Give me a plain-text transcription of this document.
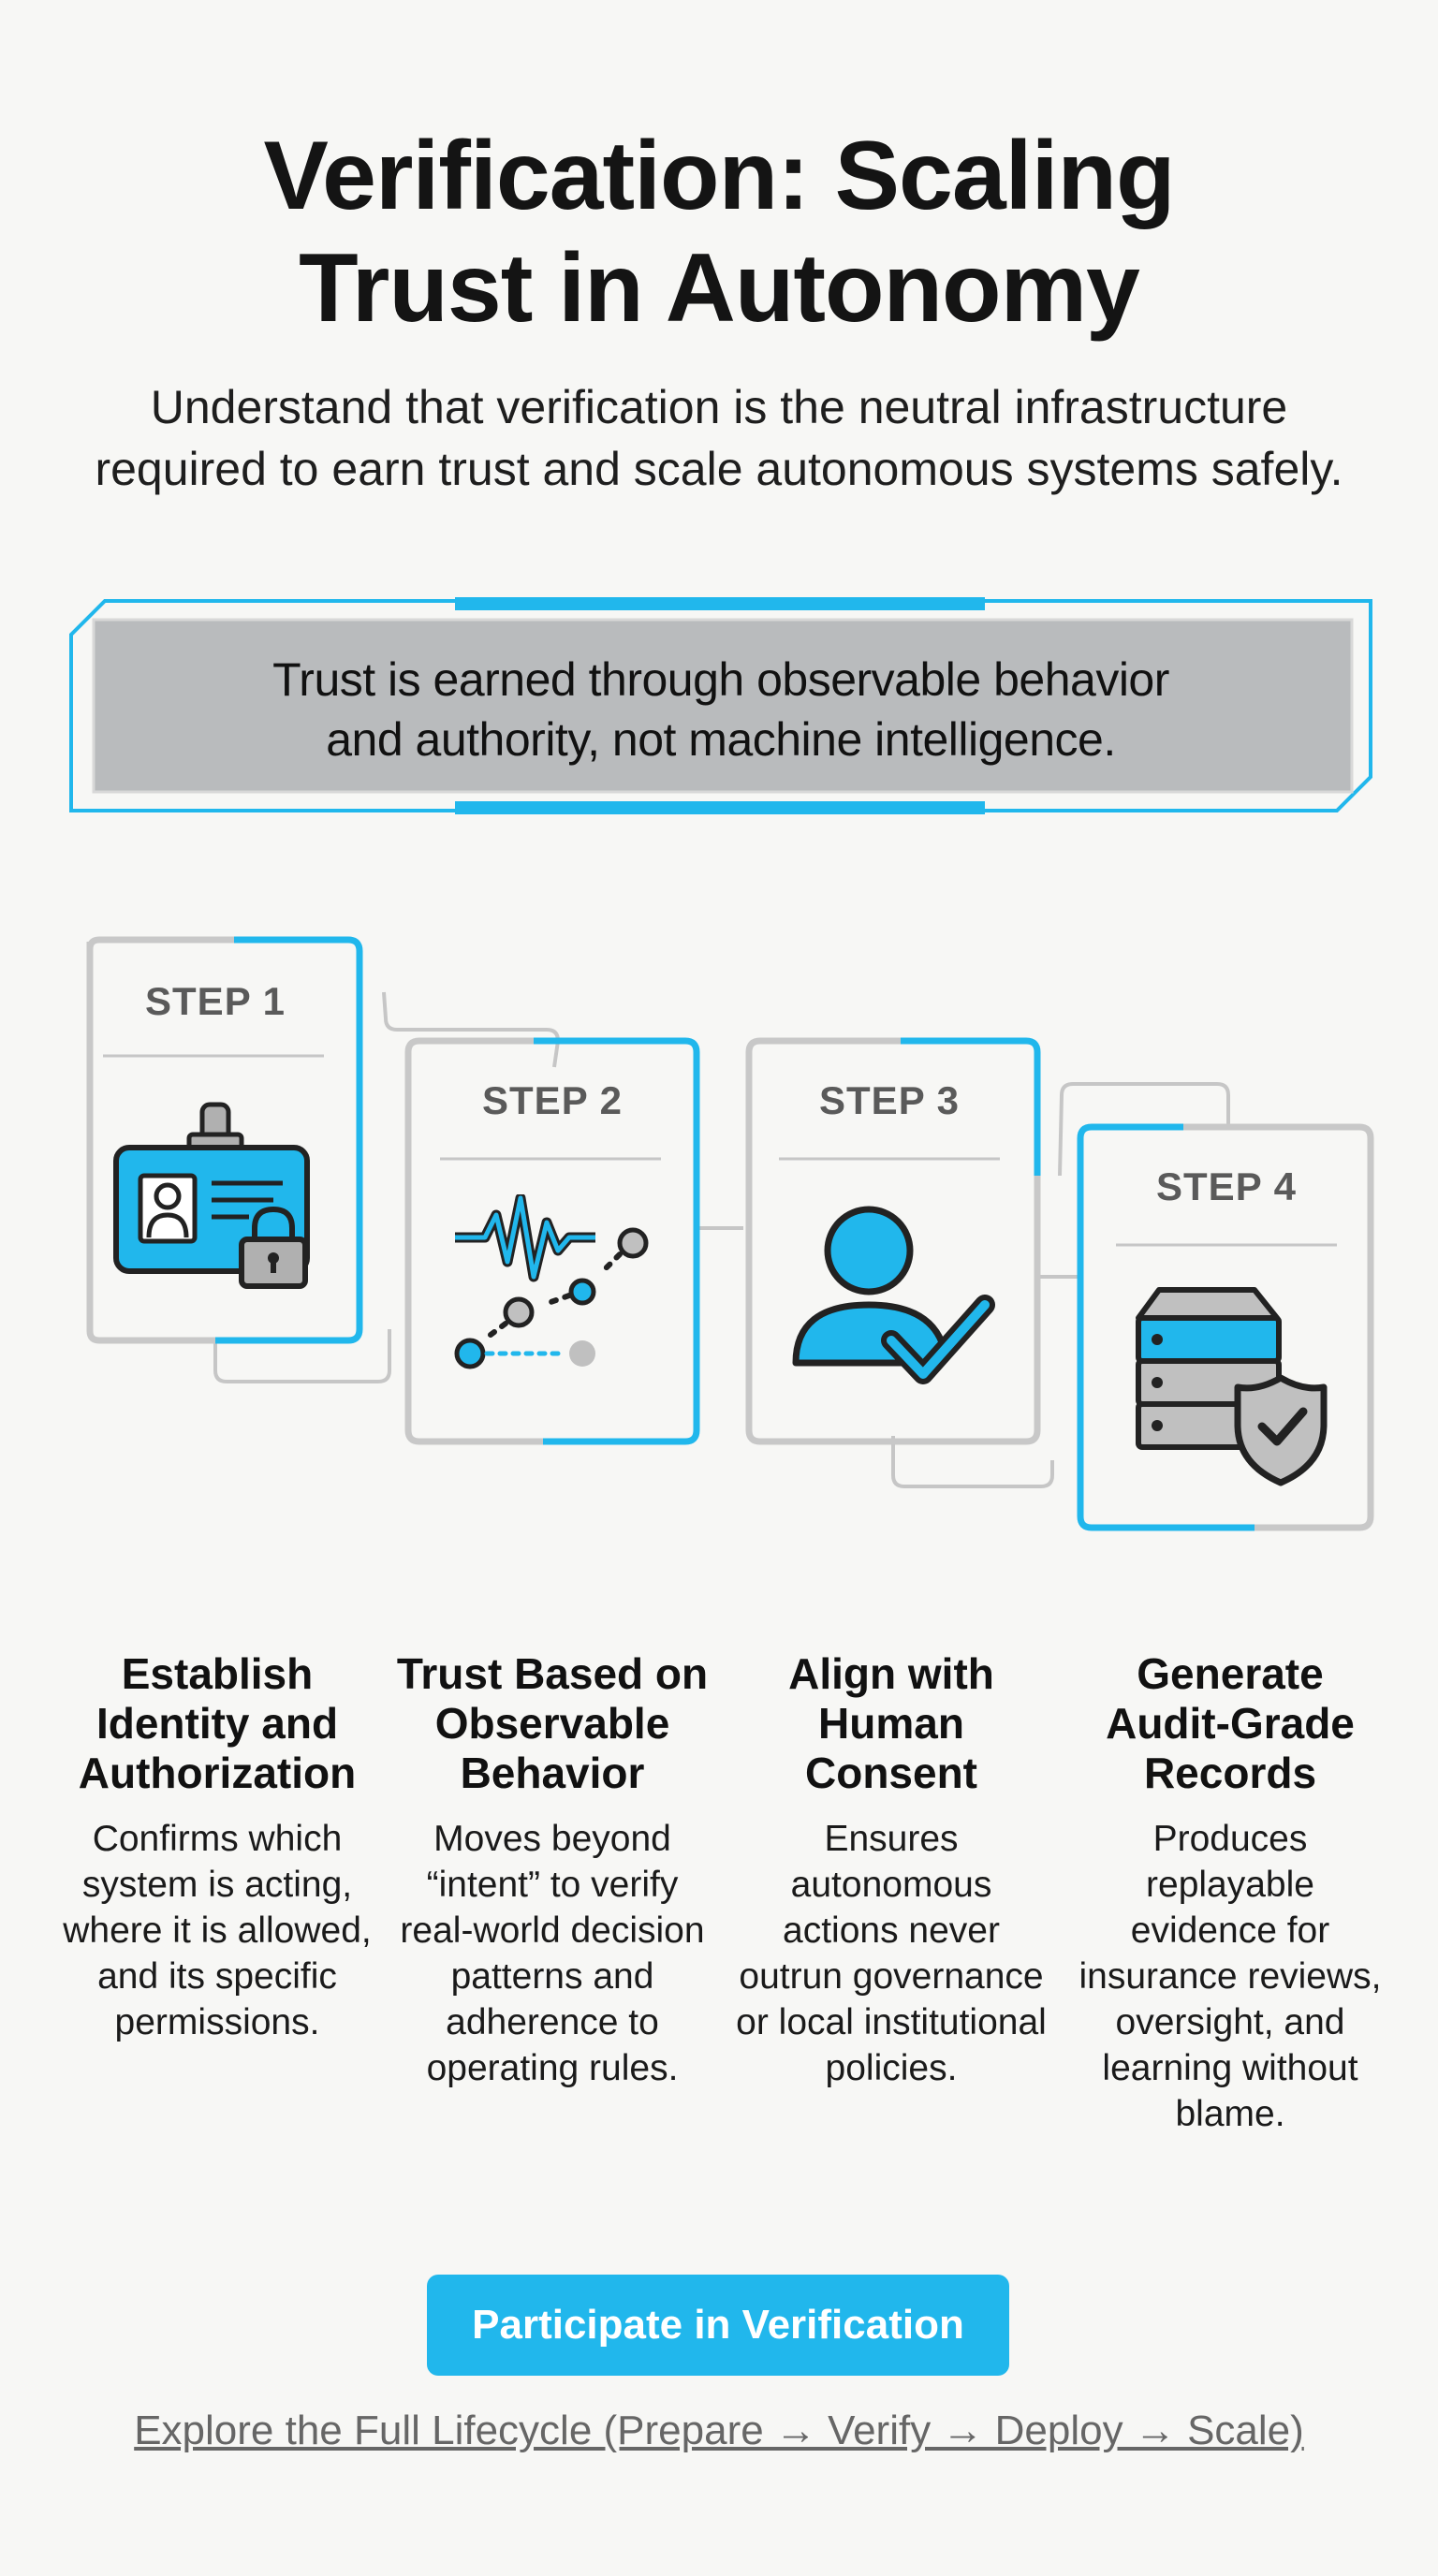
Verification: Scaling
Trust in Autonomy

Understand that verification is the neutral infrastructure
required to earn trust and scale autonomous systems safely.

Trust is earned through observable behavior
and authority, not machine intelligence.
STEP 1
STEP 2	STEP 3
STEP 4
Establish Identity and Authorization
Trust Based on Observable Behavior
Align with Human Consent
Generate Audit-Grade Records
Confirms which system is acting, where it is allowed, and its specific permissions.
Moves beyond “intent” to verify real-world decision patterns and adherence to operating rules.
Ensures autonomous actions never outrun governance or local institutional policies.
Produces replayable evidence for insurance reviews, oversight, and learning without blame.
Participate in Verification
Explore the Full Lifecycle (Prepare → Verify → Deploy → Scale)
